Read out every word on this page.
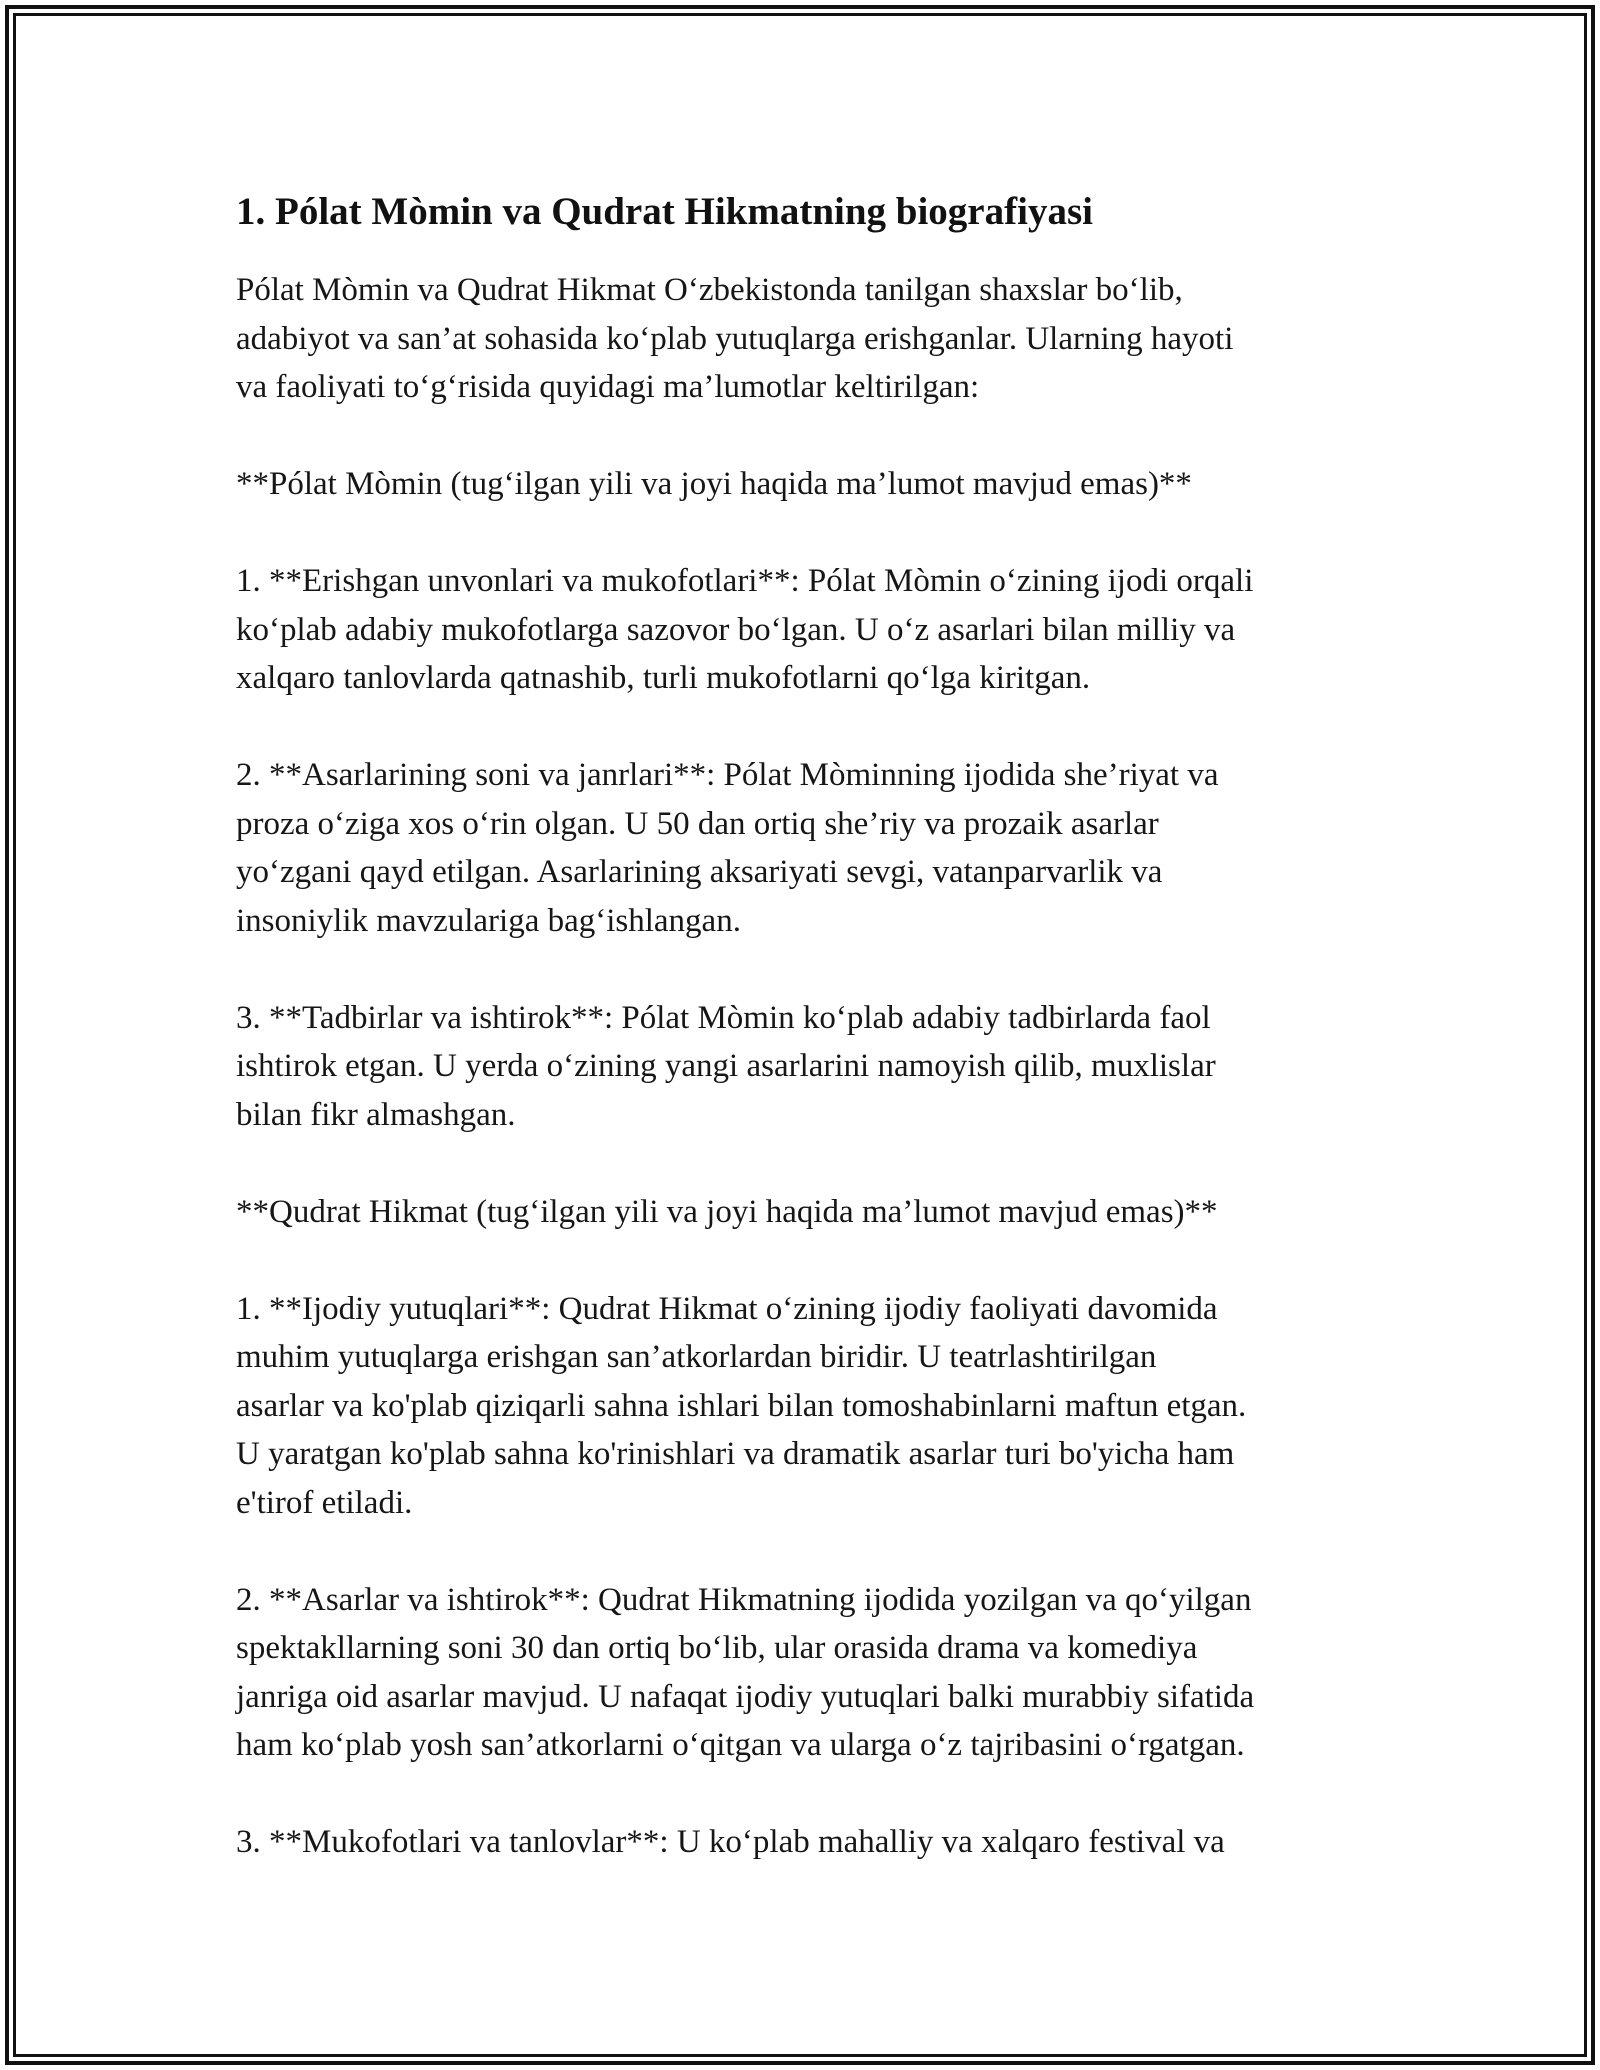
1. Pólat Mòmin va Qudrat Hikmatning biografiyasi
Pólat Mòmin va Qudrat Hikmat O‘zbekistonda tanilgan shaxslar bo‘lib,
adabiyot va san’at sohasida ko‘plab yutuqlarga erishganlar. Ularning hayoti
va faoliyati to‘g‘risida quyidagi ma’lumotlar keltirilgan:
**Pólat Mòmin (tug‘ilgan yili va joyi haqida ma’lumot mavjud emas)**
1. **Erishgan unvonlari va mukofotlari**: Pólat Mòmin o‘zining ijodi orqali
ko‘plab adabiy mukofotlarga sazovor bo‘lgan. U o‘z asarlari bilan milliy va
xalqaro tanlovlarda qatnashib, turli mukofotlarni qo‘lga kiritgan.
2. **Asarlarining soni va janrlari**: Pólat Mòminning ijodida she’riyat va
proza o‘ziga xos o‘rin olgan. U 50 dan ortiq she’riy va prozaik asarlar
yo‘zgani qayd etilgan. Asarlarining aksariyati sevgi, vatanparvarlik va
insoniylik mavzulariga bag‘ishlangan.
3. **Tadbirlar va ishtirok**: Pólat Mòmin ko‘plab adabiy tadbirlarda faol
ishtirok etgan. U yerda o‘zining yangi asarlarini namoyish qilib, muxlislar
bilan fikr almashgan.
**Qudrat Hikmat (tug‘ilgan yili va joyi haqida ma’lumot mavjud emas)**
1. **Ijodiy yutuqlari**: Qudrat Hikmat o‘zining ijodiy faoliyati davomida
muhim yutuqlarga erishgan san’atkorlardan biridir. U teatrlashtirilgan
asarlar va ko'plab qiziqarli sahna ishlari bilan tomoshabinlarni maftun etgan.
U yaratgan ko'plab sahna ko'rinishlari va dramatik asarlar turi bo'yicha ham
e'tirof etiladi.
2. **Asarlar va ishtirok**: Qudrat Hikmatning ijodida yozilgan va qo‘yilgan
spektakllarning soni 30 dan ortiq bo‘lib, ular orasida drama va komediya
janriga oid asarlar mavjud. U nafaqat ijodiy yutuqlari balki murabbiy sifatida
ham ko‘plab yosh san’atkorlarni o‘qitgan va ularga o‘z tajribasini o‘rgatgan.
3. **Mukofotlari va tanlovlar**: U ko‘plab mahalliy va xalqaro festival va
